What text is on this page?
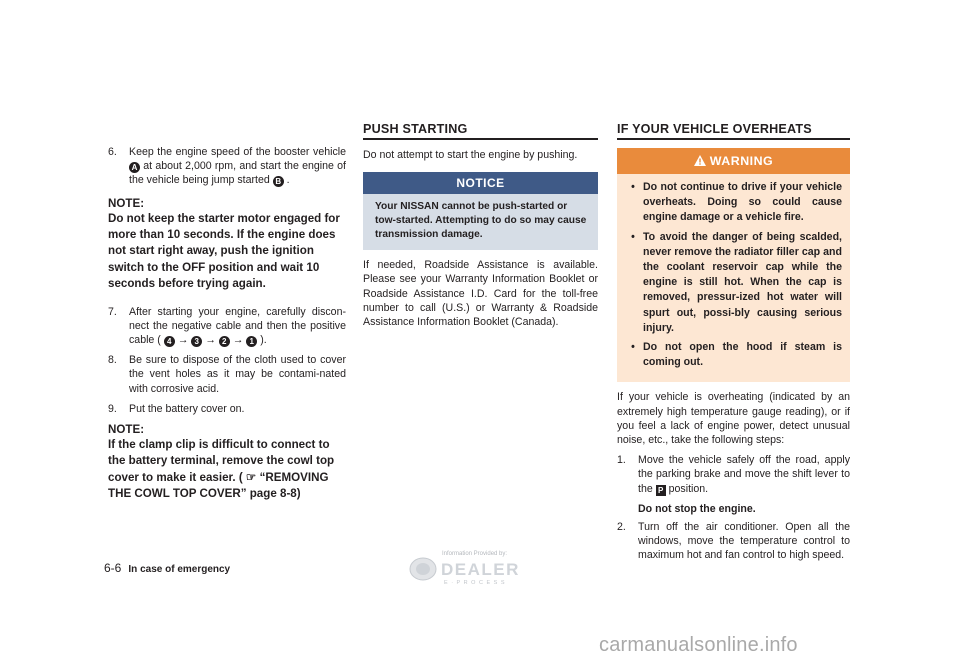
6.	Keep the engine speed of the booster vehicle A at about 2,000 rpm, and start the engine of the vehicle being jump started B .
NOTE:
Do not keep the starter motor engaged for more than 10 seconds. If the engine does not start right away, push the ignition switch to the OFF position and wait 10 seconds before trying again.
7.	After starting your engine, carefully discon-nect the negative cable and then the positive cable ( 4 → 3 → 2 → 1 ).
8.	Be sure to dispose of the cloth used to cover the vent holes as it may be contami-nated with corrosive acid.
9.	Put the battery cover on.
NOTE:
If the clamp clip is difficult to connect to the battery terminal, remove the cowl top cover to make it easier. ( ☞ “REMOVING THE COWL TOP COVER” page 8-8)
PUSH STARTING
Do not attempt to start the engine by pushing.
NOTICE
Your NISSAN cannot be push-started or tow-started. Attempting to do so may cause transmission damage.
If needed, Roadside Assistance is available. Please see your Warranty Information Booklet or Roadside Assistance I.D. Card for the toll-free number to call (U.S.) or Warranty & Roadside Assistance Information Booklet (Canada).
IF YOUR VEHICLE OVERHEATS
WARNING
• Do not continue to drive if your vehicle overheats. Doing so could cause engine damage or a vehicle fire.
• To avoid the danger of being scalded, never remove the radiator filler cap and the coolant reservoir cap while the engine is still hot. When the cap is removed, pressur-ized hot water will spurt out, possi-bly causing serious injury.
• Do not open the hood if steam is coming out.
If your vehicle is overheating (indicated by an extremely high temperature gauge reading), or if you feel a lack of engine power, detect unusual noise, etc., take the following steps:
1.	Move the vehicle safely off the road, apply the parking brake and move the shift lever to the P position.
Do not stop the engine.
2.	Turn off the air conditioner. Open all the windows, move the temperature control to maximum hot and fan control to high speed.
6-6 In case of emergency
Information Provided by:
DEALER
E · P R O C E S S
carmanualsonline.info
